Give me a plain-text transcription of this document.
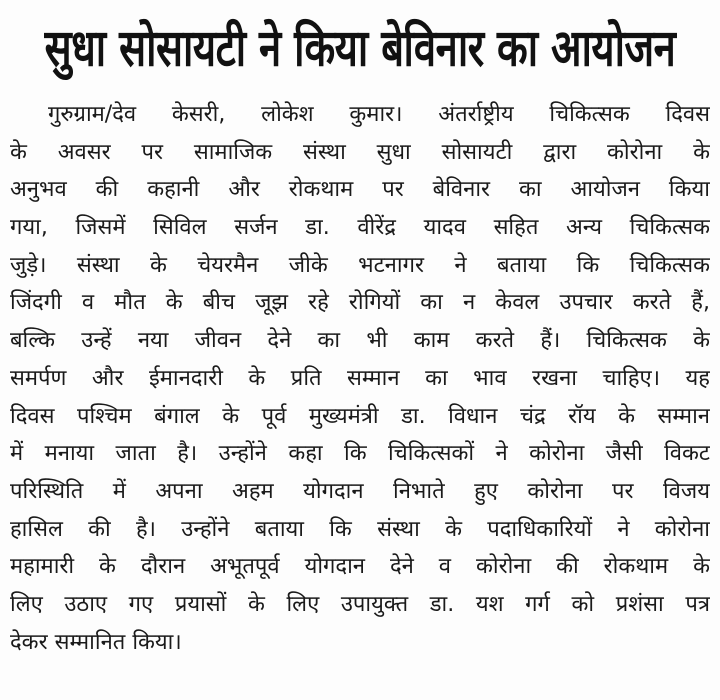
सुधा सोसायटी ने किया बेविनार का आयोजन
गुरुग्राम/देव केसरी, लोकेश कुमार। अंतर्राष्ट्रीय चिकित्सक दिवस
के अवसर पर सामाजिक संस्था सुधा सोसायटी द्वारा कोरोना के
अनुभव की कहानी और रोकथाम पर बेविनार का आयोजन किया
गया, जिसमें सिविल सर्जन डा. वीरेंद्र यादव सहित अन्य चिकित्सक
जुड़े। संस्था के चेयरमैन जीके भटनागर ने बताया कि चिकित्सक
जिंदगी व मौत के बीच जूझ रहे रोगियों का न केवल उपचार करते हैं,
बल्कि उन्हें नया जीवन देने का भी काम करते हैं। चिकित्सक के
समर्पण और ईमानदारी के प्रति सम्मान का भाव रखना चाहिए। यह
दिवस पश्चिम बंगाल के पूर्व मुख्यमंत्री डा. विधान चंद्र रॉय के सम्मान
में मनाया जाता है। उन्होंने कहा कि चिकित्सकों ने कोरोना जैसी विकट
परिस्थिति में अपना अहम योगदान निभाते हुए कोरोना पर विजय
हासिल की है। उन्होंने बताया कि संस्था के पदाधिकारियों ने कोरोना
महामारी के दौरान अभूतपूर्व योगदान देने व कोरोना की रोकथाम के
लिए उठाए गए प्रयासों के लिए उपायुक्त डा. यश गर्ग को प्रशंसा पत्र
देकर सम्मानित किया।
